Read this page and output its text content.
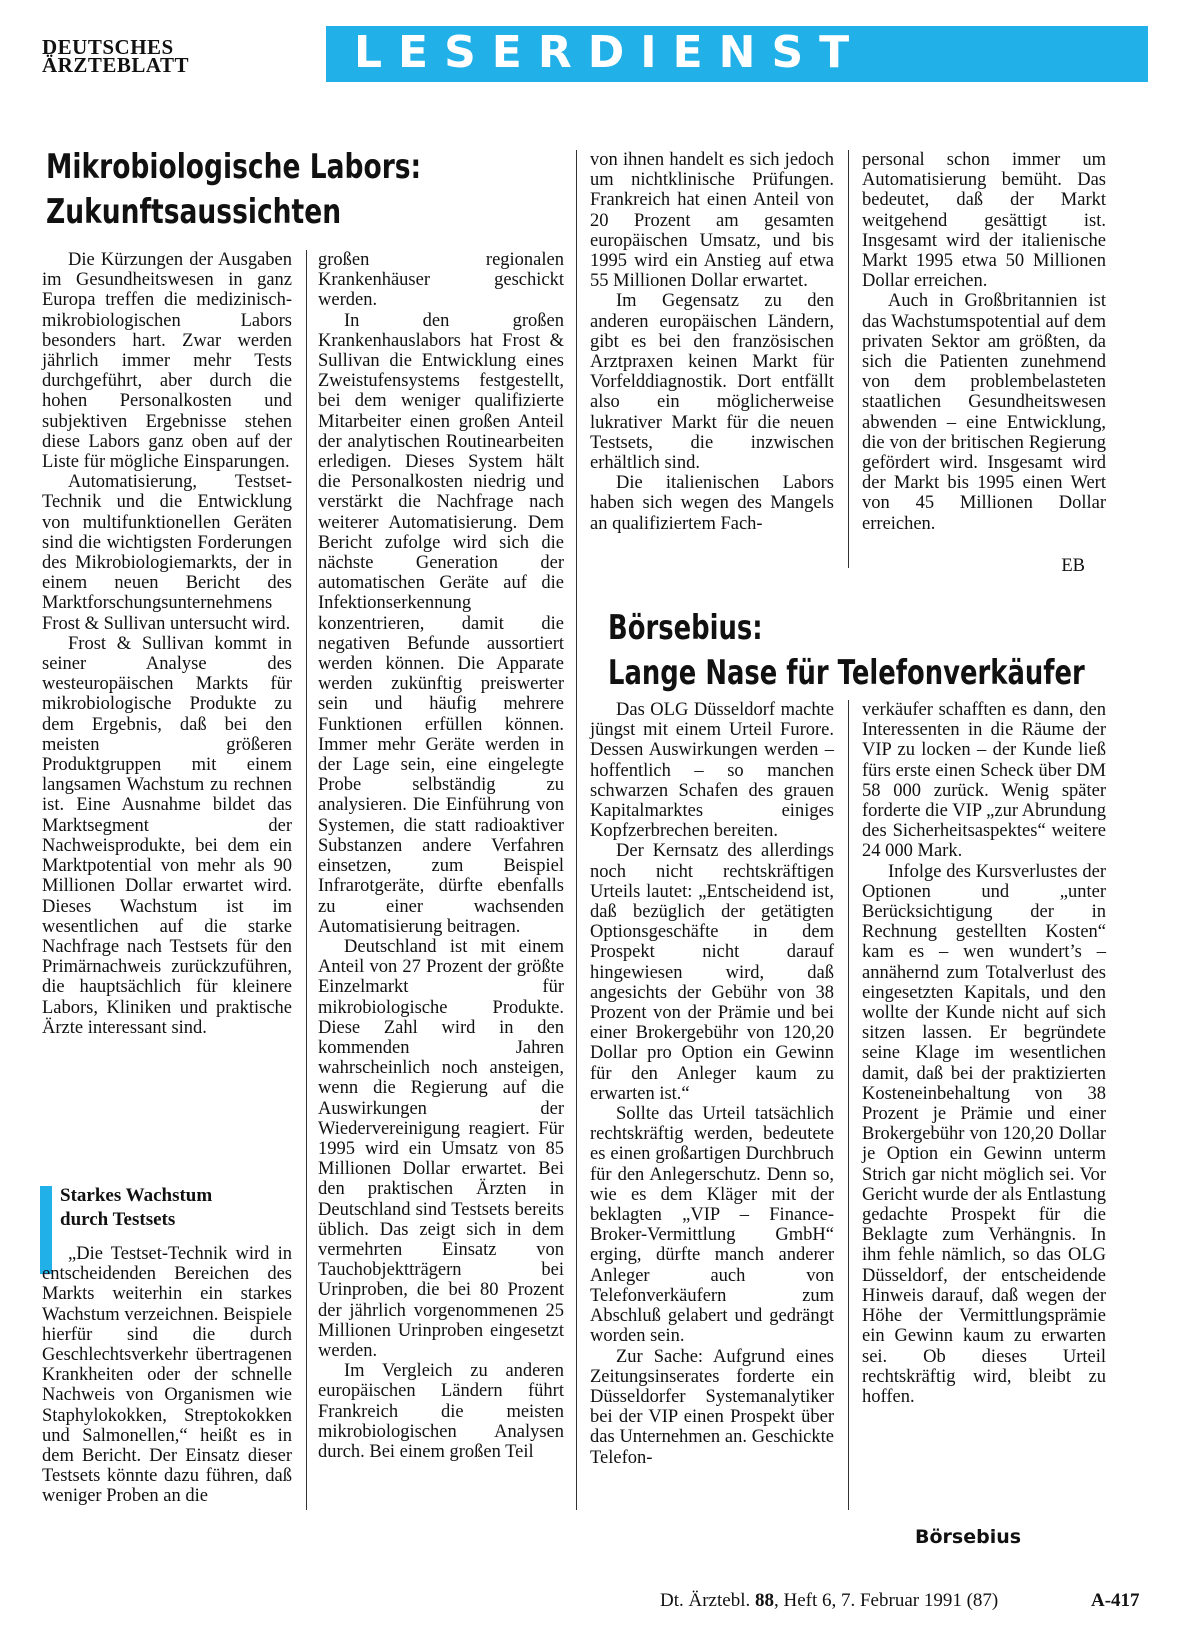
DEUTSCHES
ÄRZTEBLATT	LESERDIENST
Mikrobiologische Labors:
Zukunftsaussichten

Die Kürzungen der Ausgaben im Gesundheitswesen in ganz Europa treffen die medizinisch-mikrobiologischen Labors besonders hart. Zwar werden jährlich immer mehr Tests durchgeführt, aber durch die hohen Personalkosten und subjektiven Ergebnisse stehen diese Labors ganz oben auf der Liste für mögliche Einsparungen.

Automatisierung, Testset-Technik und die Entwicklung von multifunktionellen Geräten sind die wichtigsten Forderungen des Mikrobiologiemarkts, der in einem neuen Bericht des Marktforschungsunternehmens Frost & Sullivan untersucht wird.

Frost & Sullivan kommt in seiner Analyse des westeuropäischen Markts für mikrobiologische Produkte zu dem Ergebnis, daß bei den meisten größeren Produktgruppen mit einem langsamen Wachstum zu rechnen ist. Eine Ausnahme bildet das Marktsegment der Nachweisprodukte, bei dem ein Marktpotential von mehr als 90 Millionen Dollar erwartet wird. Dieses Wachstum ist im wesentlichen auf die starke Nachfrage nach Testsets für den Primärnachweis zurückzuführen, die hauptsächlich für kleinere Labors, Kliniken und praktische Ärzte interessant sind.

Starkes Wachstum
durch Testsets

„Die Testset-Technik wird in entscheidenden Bereichen des Markts weiterhin ein starkes Wachstum verzeichnen. Beispiele hierfür sind die durch Geschlechtsverkehr übertragenen Krankheiten oder der schnelle Nachweis von Organismen wie Staphylokokken, Streptokokken und Salmonellen,“ heißt es in dem Bericht. Der Einsatz dieser Testsets könnte dazu führen, daß weniger Proben an die

großen regionalen Krankenhäuser geschickt werden.

In den großen Krankenhauslabors hat Frost & Sullivan die Entwicklung eines Zweistufensystems festgestellt, bei dem weniger qualifizierte Mitarbeiter einen großen Anteil der analytischen Routinearbeiten erledigen. Dieses System hält die Personalkosten niedrig und verstärkt die Nachfrage nach weiterer Automatisierung. Dem Bericht zufolge wird sich die nächste Generation der automatischen Geräte auf die Infektionserkennung konzentrieren, damit die negativen Befunde aussortiert werden können. Die Apparate werden zukünftig preiswerter sein und häufig mehrere Funktionen erfüllen können. Immer mehr Geräte werden in der Lage sein, eine eingelegte Probe selbständig zu analysieren. Die Einführung von Systemen, die statt radioaktiver Substanzen andere Verfahren einsetzen, zum Beispiel Infrarotgeräte, dürfte ebenfalls zu einer wachsenden Automatisierung beitragen.

Deutschland ist mit einem Anteil von 27 Prozent der größte Einzelmarkt für mikrobiologische Produkte. Diese Zahl wird in den kommenden Jahren wahrscheinlich noch ansteigen, wenn die Regierung auf die Auswirkungen der Wiedervereinigung reagiert. Für 1995 wird ein Umsatz von 85 Millionen Dollar erwartet. Bei den praktischen Ärzten in Deutschland sind Testsets bereits üblich. Das zeigt sich in dem vermehrten Einsatz von Tauchobjektträgern bei Urinproben, die bei 80 Prozent der jährlich vorgenommenen 25 Millionen Urinproben eingesetzt werden.

Im Vergleich zu anderen europäischen Ländern führt Frankreich die meisten mikrobiologischen Analysen durch. Bei einem großen Teil

von ihnen handelt es sich jedoch um nichtklinische Prüfungen. Frankreich hat einen Anteil von 20 Prozent am gesamten europäischen Umsatz, und bis 1995 wird ein Anstieg auf etwa 55 Millionen Dollar erwartet.

Im Gegensatz zu den anderen europäischen Ländern, gibt es bei den französischen Arztpraxen keinen Markt für Vorfelddiagnostik. Dort entfällt also ein möglicherweise lukrativer Markt für die neuen Testsets, die inzwischen erhältlich sind.

Die italienischen Labors haben sich wegen des Mangels an qualifiziertem Fach-

personal schon immer um Automatisierung bemüht. Das bedeutet, daß der Markt weitgehend gesättigt ist. Insgesamt wird der italienische Markt 1995 etwa 50 Millionen Dollar erreichen.

Auch in Großbritannien ist das Wachstumspotential auf dem privaten Sektor am größten, da sich die Patienten zunehmend von dem problembelasteten staatlichen Gesundheitswesen abwenden – eine Entwicklung, die von der britischen Regierung gefördert wird. Insgesamt wird der Markt bis 1995 einen Wert von 45 Millionen Dollar erreichen.

EB
Börsebius:
Lange Nase für Telefonverkäufer

Das OLG Düsseldorf machte jüngst mit einem Urteil Furore. Dessen Auswirkungen werden – hoffentlich – so manchen schwarzen Schafen des grauen Kapitalmarktes einiges Kopfzerbrechen bereiten.

Der Kernsatz des allerdings noch nicht rechtskräftigen Urteils lautet: „Entscheidend ist, daß bezüglich der getätigten Optionsgeschäfte in dem Prospekt nicht darauf hingewiesen wird, daß angesichts der Gebühr von 38 Prozent von der Prämie und bei einer Brokergebühr von 120,20 Dollar pro Option ein Gewinn für den Anleger kaum zu erwarten ist.“

Sollte das Urteil tatsächlich rechtskräftig werden, bedeutete es einen großartigen Durchbruch für den Anlegerschutz. Denn so, wie es dem Kläger mit der beklagten „VIP – Finance-Broker-Vermittlung GmbH“ erging, dürfte manch anderer Anleger auch von Telefonverkäufern zum Abschluß gelabert und gedrängt worden sein.

Zur Sache: Aufgrund eines Zeitungsinserates forderte ein Düsseldorfer Systemanalytiker bei der VIP einen Prospekt über das Unternehmen an. Geschickte Telefon-

verkäufer schafften es dann, den Interessenten in die Räume der VIP zu locken – der Kunde ließ fürs erste einen Scheck über DM 58 000 zurück. Wenig später forderte die VIP „zur Abrundung des Sicherheitsaspektes“ weitere 24 000 Mark.

Infolge des Kursverlustes der Optionen und „unter Berücksichtigung der in Rechnung gestellten Kosten“ kam es – wen wundert’s – annähernd zum Totalverlust des eingesetzten Kapitals, und den wollte der Kunde nicht auf sich sitzen lassen. Er begründete seine Klage im wesentlichen damit, daß bei der praktizierten Kosteneinbehaltung von 38 Prozent je Prämie und einer Brokergebühr von 120,20 Dollar je Option ein Gewinn unterm Strich gar nicht möglich sei. Vor Gericht wurde der als Entlastung gedachte Prospekt für die Beklagte zum Verhängnis. In ihm fehle nämlich, so das OLG Düsseldorf, der entscheidende Hinweis darauf, daß wegen der Höhe der Vermittlungsprämie ein Gewinn kaum zu erwarten sei. Ob dieses Urteil rechtskräftig wird, bleibt zu hoffen.

Börsebius
Dt. Ärztebl. 88, Heft 6, 7. Februar 1991 (87)	A-417
